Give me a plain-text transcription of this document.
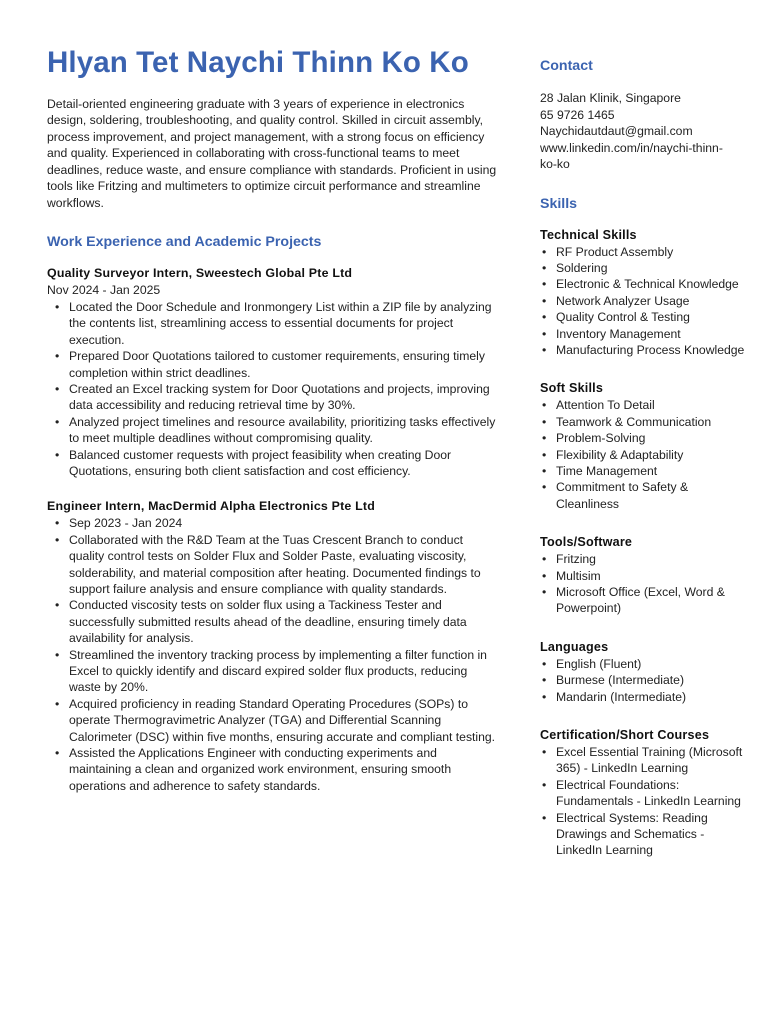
Hlyan Tet Naychi Thinn Ko Ko

Detail-oriented engineering graduate with 3 years of experience in electronics design, soldering, troubleshooting, and quality control. Skilled in circuit assembly, process improvement, and project management, with a strong focus on efficiency and quality. Experienced in collaborating with cross-functional teams to meet deadlines, reduce waste, and ensure compliance with standards. Proficient in using tools like Fritzing and multimeters to optimize circuit performance and streamline workflows.

Work Experience and Academic Projects
Quality Surveyor Intern, Sweestech Global Pte Ltd
Nov 2024 - Jan 2025
• Located the Door Schedule and Ironmongery List within a ZIP file by analyzing the contents list, streamlining access to essential documents for project execution.
• Prepared Door Quotations tailored to customer requirements, ensuring timely completion within strict deadlines.
• Created an Excel tracking system for Door Quotations and projects, improving data accessibility and reducing retrieval time by 30%.
• Analyzed project timelines and resource availability, prioritizing tasks effectively to meet multiple deadlines without compromising quality.
• Balanced customer requests with project feasibility when creating Door Quotations, ensuring both client satisfaction and cost efficiency.
Engineer Intern, MacDermid Alpha Electronics Pte Ltd
• Sep 2023 - Jan 2024
• Collaborated with the R&D Team at the Tuas Crescent Branch to conduct quality control tests on Solder Flux and Solder Paste, evaluating viscosity, solderability, and material composition after heating. Documented findings to support failure analysis and ensure compliance with quality standards.
• Conducted viscosity tests on solder flux using a Tackiness Tester and successfully submitted results ahead of the deadline, ensuring timely data availability for analysis.
• Streamlined the inventory tracking process by implementing a filter function in Excel to quickly identify and discard expired solder flux products, reducing waste by 20%.
• Acquired proficiency in reading Standard Operating Procedures (SOPs) to operate Thermogravimetric Analyzer (TGA) and Differential Scanning Calorimeter (DSC) within five months, ensuring accurate and compliant testing.
• Assisted the Applications Engineer with conducting experiments and maintaining a clean and organized work environment, ensuring smooth operations and adherence to safety standards.
Contact
28 Jalan Klinik, Singapore
65 9726 1465
Naychidautdaut@gmail.com
www.linkedin.com/in/naychi-thinn-
ko-ko
Skills
Technical Skills
• RF Product Assembly
• Soldering
• Electronic & Technical Knowledge
• Network Analyzer Usage
• Quality Control & Testing
• Inventory Management
• Manufacturing Process Knowledge
Soft Skills
• Attention To Detail
• Teamwork & Communication
• Problem-Solving
• Flexibility & Adaptability
• Time Management
• Commitment to Safety & Cleanliness
Tools/Software
• Fritzing
• Multisim
• Microsoft Office (Excel, Word & Powerpoint)
Languages
• English (Fluent)
• Burmese (Intermediate)
• Mandarin (Intermediate)
Certification/Short Courses
• Excel Essential Training (Microsoft 365) - LinkedIn Learning
• Electrical Foundations: Fundamentals - LinkedIn Learning
• Electrical Systems: Reading Drawings and Schematics - LinkedIn Learning
